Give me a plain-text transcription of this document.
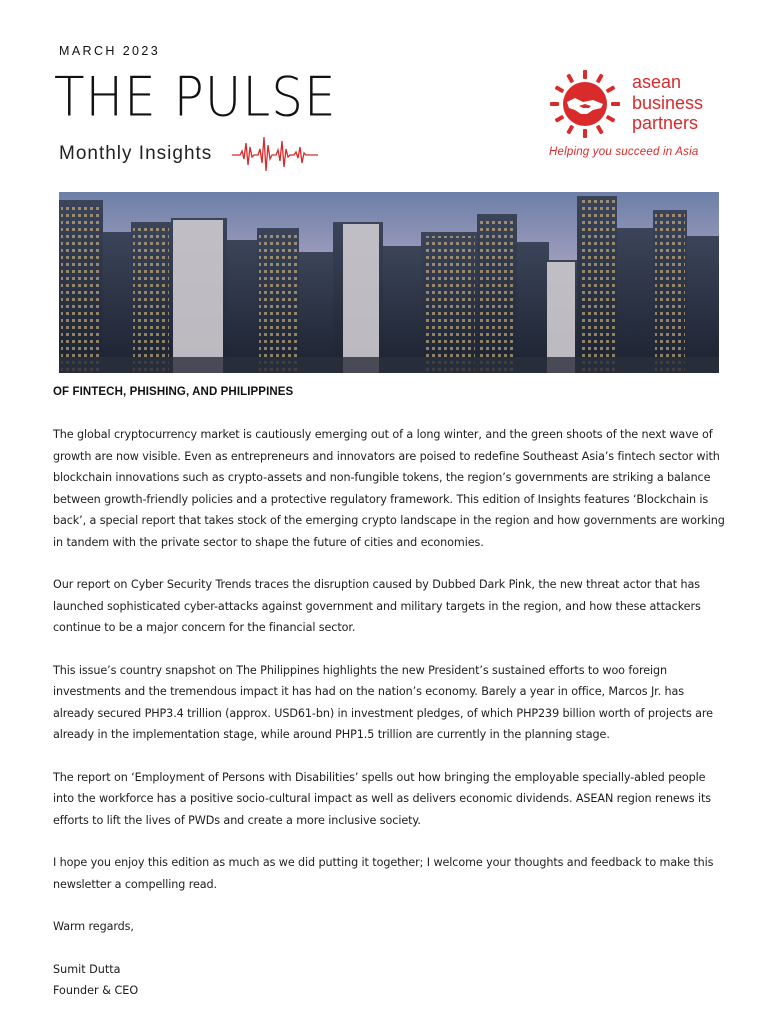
MARCH 2023
THE PULSE
Monthly Insights
asean
business
partners
Helping you succeed in Asia
OF FINTECH, PHISHING, AND PHILIPPINES

The global cryptocurrency market is cautiously emerging out of a long winter, and the green shoots of the next wave of growth are now visible. Even as entrepreneurs and innovators are poised to redefine Southeast Asia’s fintech sector with blockchain innovations such as crypto-assets and non-fungible tokens, the region’s governments are striking a balance between growth-friendly policies and a protective regulatory framework. This edition of Insights features ‘Blockchain is back’, a special report that takes stock of the emerging crypto landscape in the region and how governments are working in tandem with the private sector to shape the future of cities and economies.

Our report on Cyber Security Trends traces the disruption caused by Dubbed Dark Pink, the new threat actor that has launched sophisticated cyber-attacks against government and military targets in the region, and how these attackers continue to be a major concern for the financial sector.

This issue’s country snapshot on The Philippines highlights the new President’s sustained efforts to woo foreign investments and the tremendous impact it has had on the nation’s economy. Barely a year in office, Marcos Jr. has already secured PHP3.4 trillion (approx. USD61-bn) in investment pledges, of which PHP239 billion worth of projects are already in the implementation stage, while around PHP1.5 trillion are currently in the planning stage.

The report on ‘Employment of Persons with Disabilities’ spells out how bringing the employable specially-abled people into the workforce has a positive socio-cultural impact as well as delivers economic dividends. ASEAN region renews its efforts to lift the lives of PWDs and create a more inclusive society.

I hope you enjoy this edition as much as we did putting it together; I welcome your thoughts and feedback to make this newsletter a compelling read.

Warm regards,

Sumit Dutta

Founder & CEO
